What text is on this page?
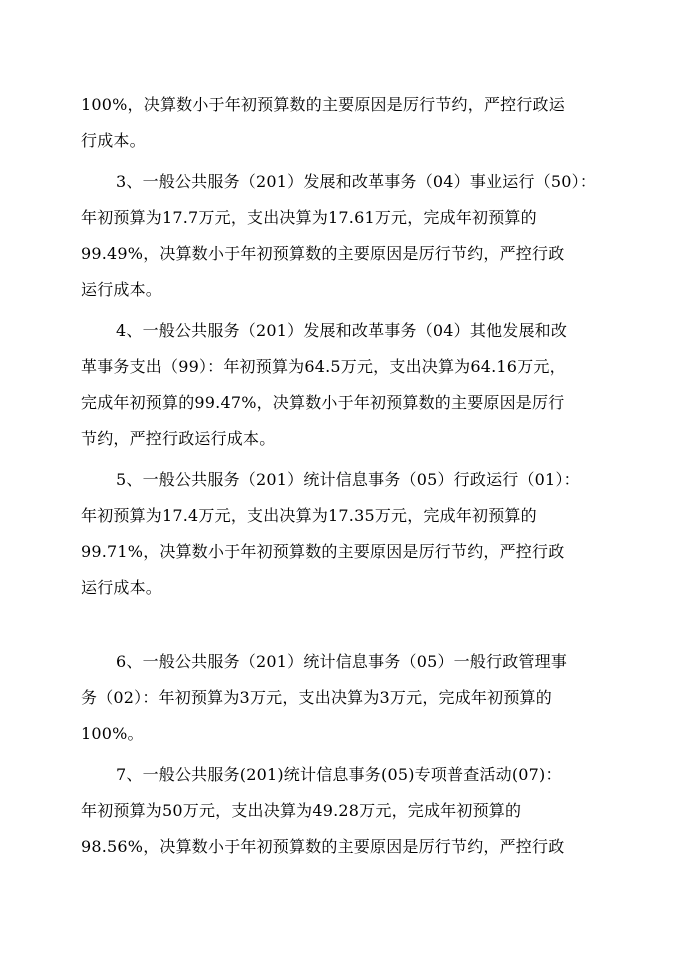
100%，决算数小于年初预算数的主要原因是厉行节约，严控行政运
行成本。
3、一般公共服务（201）发展和改革事务（04）事业运行（50）：
年初预算为17.7万元，支出决算为17.61万元，完成年初预算的
99.49%，决算数小于年初预算数的主要原因是厉行节约，严控行政
运行成本。
4、一般公共服务（201）发展和改革事务（04）其他发展和改
革事务支出（99）：年初预算为64.5万元，支出决算为64.16万元，
完成年初预算的99.47%，决算数小于年初预算数的主要原因是厉行
节约，严控行政运行成本。
5、一般公共服务（201）统计信息事务（05）行政运行（01）：
年初预算为17.4万元，支出决算为17.35万元，完成年初预算的
99.71%，决算数小于年初预算数的主要原因是厉行节约，严控行政
运行成本。
6、一般公共服务（201）统计信息事务（05）一般行政管理事
务（02）：年初预算为3万元，支出决算为3万元，完成年初预算的
100%。
7、一般公共服务(201)统计信息事务(05)专项普查活动(07)：
年初预算为50万元，支出决算为49.28万元，完成年初预算的
98.56%，决算数小于年初预算数的主要原因是厉行节约，严控行政
